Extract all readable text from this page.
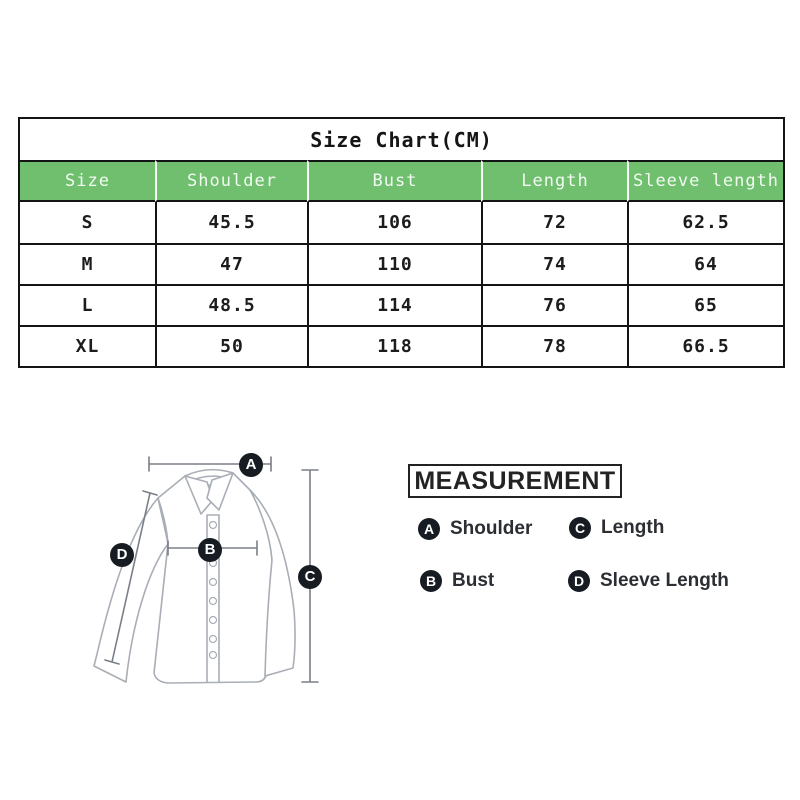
Size Chart(CM)				
Size	Shoulder	Bust	Length	Sleeve length
S	45.5	106	72	62.5
M	47	110	74	64
L	48.5	114	76	65
XL	50	118	78	66.5
A
B
C
D
MEASUREMENT
A Shoulder	C Length
B Bust	D Sleeve Length
